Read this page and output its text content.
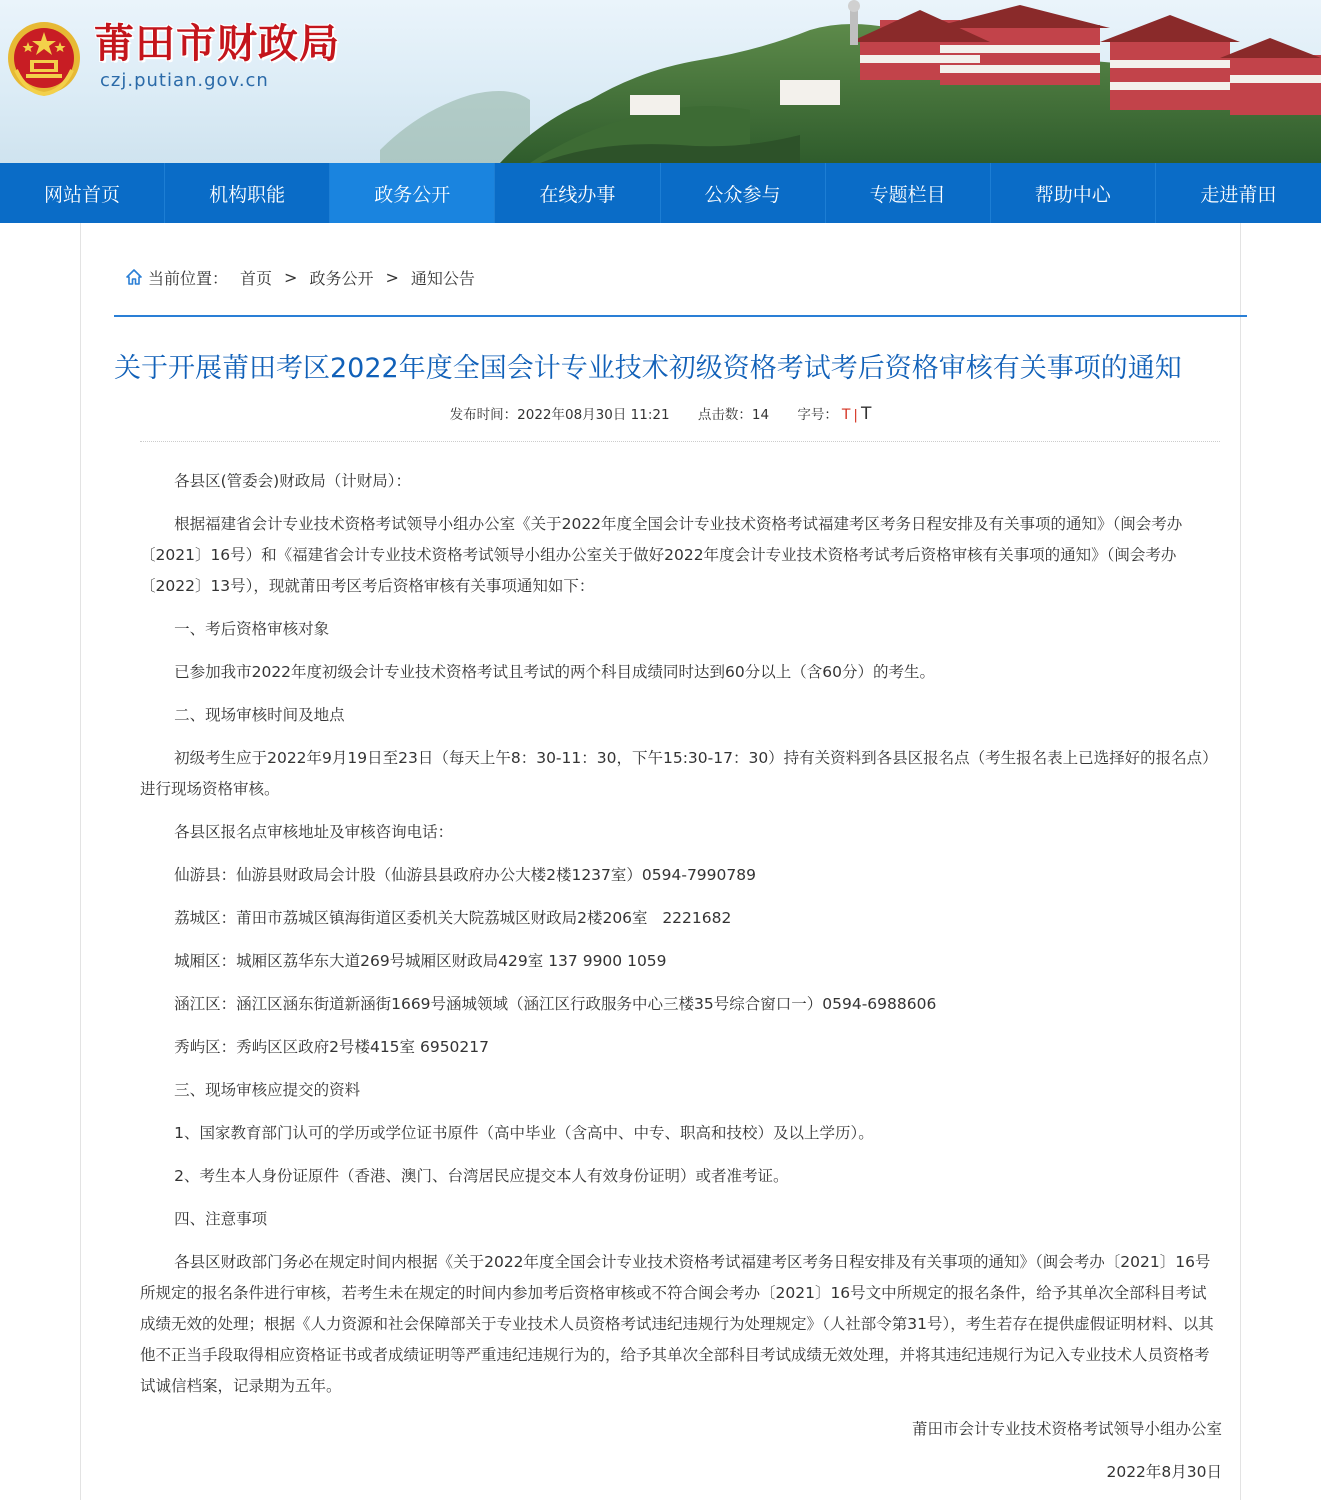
莆田市财政局
czj.putian.gov.cn
网站首页	机构职能	政务公开	在线办事	公众参与	专题栏目	帮助中心	走进莆田
当前位置： 首页 > 政务公开 > 通知公告
关于开展莆田考区2022年度全国会计专业技术初级资格考试考后资格审核有关事项的通知
发布时间：2022年08月30日 11:21 点击数：14 字号： T | T

各县区(管委会)财政局（计财局）：

根据福建省会计专业技术资格考试领导小组办公室《关于2022年度全国会计专业技术资格考试福建考区考务日程安排及有关事项的通知》（闽会考办〔2021〕16号）和《福建省会计专业技术资格考试领导小组办公室关于做好2022年度会计专业技术资格考试考后资格审核有关事项的通知》（闽会考办〔2022〕13号），现就莆田考区考后资格审核有关事项通知如下：

一、考后资格审核对象

已参加我市2022年度初级会计专业技术资格考试且考试的两个科目成绩同时达到60分以上（含60分）的考生。

二、现场审核时间及地点

初级考生应于2022年9月19日至23日（每天上午8：30-11：30，下午15:30-17：30）持有关资料到各县区报名点（考生报名表上已选择好的报名点）进行现场资格审核。

各县区报名点审核地址及审核咨询电话：

仙游县：仙游县财政局会计股（仙游县县政府办公大楼2楼1237室）0594-7990789

荔城区：莆田市荔城区镇海街道区委机关大院荔城区财政局2楼206室   2221682

城厢区：城厢区荔华东大道269号城厢区财政局429室 137 9900 1059

涵江区：涵江区涵东街道新涵街1669号涵城领域（涵江区行政服务中心三楼35号综合窗口一）0594-6988606

秀屿区：秀屿区区政府2号楼415室 6950217

三、现场审核应提交的资料

1、国家教育部门认可的学历或学位证书原件（高中毕业（含高中、中专、职高和技校）及以上学历）。

2、考生本人身份证原件（香港、澳门、台湾居民应提交本人有效身份证明）或者准考证。

四、注意事项

各县区财政部门务必在规定时间内根据《关于2022年度全国会计专业技术资格考试福建考区考务日程安排及有关事项的通知》（闽会考办〔2021〕16号所规定的报名条件进行审核，若考生未在规定的时间内参加考后资格审核或不符合闽会考办〔2021〕16号文中所规定的报名条件，给予其单次全部科目考试成绩无效的处理；根据《人力资源和社会保障部关于专业技术人员资格考试违纪违规行为处理规定》（人社部令第31号），考生若存在提供虚假证明材料、以其他不正当手段取得相应资格证书或者成绩证明等严重违纪违规行为的，给予其单次全部科目考试成绩无效处理，并将其违纪违规行为记入专业技术人员资格考试诚信档案，记录期为五年。

莆田市会计专业技术资格考试领导小组办公室

2022年8月30日
